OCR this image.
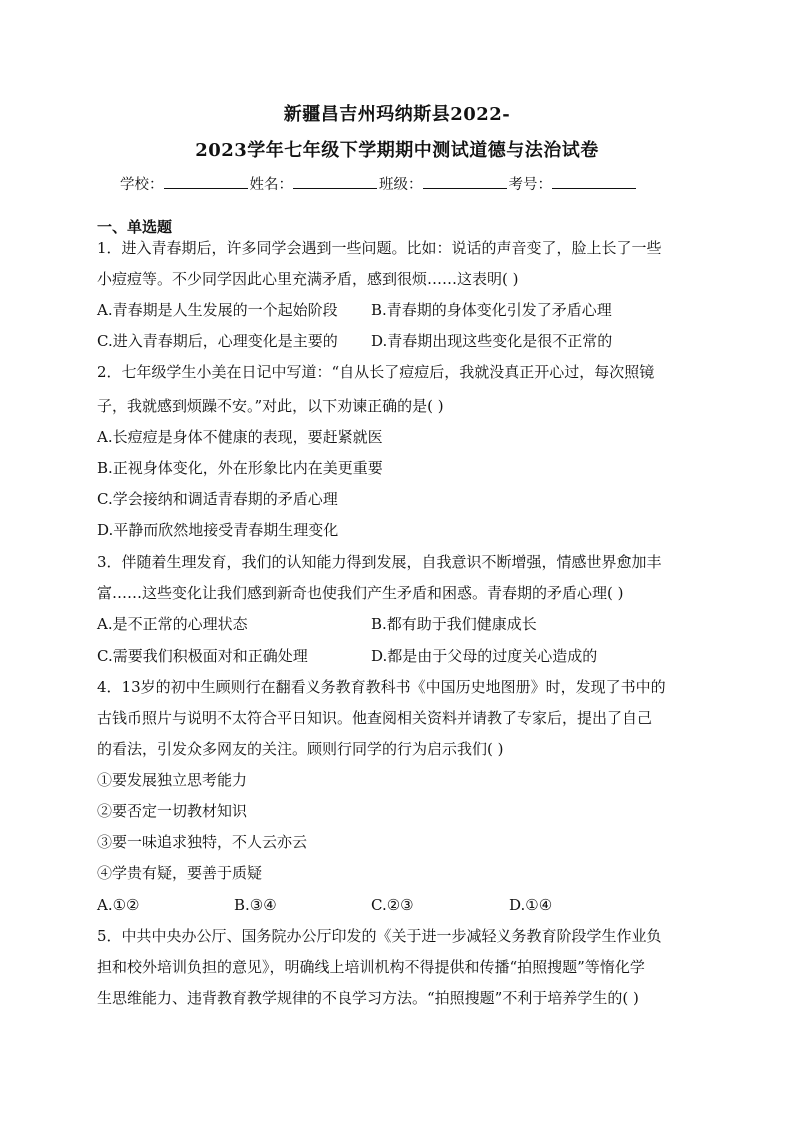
新疆昌吉州玛纳斯县2022-
2023学年七年级下学期期中测试道德与法治试卷
学校：	姓名：	班级：	考号：
一、单选题
1．进入青春期后，许多同学会遇到一些问题。比如：说话的声音变了，脸上长了一些
小痘痘等。不少同学因此心里充满矛盾，感到很烦……这表明( )
A.青春期是人生发展的一个起始阶段 B.青春期的身体变化引发了矛盾心理
C.进入青春期后，心理变化是主要的 D.青春期出现这些变化是很不正常的
2．七年级学生小美在日记中写道：“自从长了痘痘后，我就没真正开心过，每次照镜
子，我就感到烦躁不安。”对此，以下劝谏正确的是( )
A.长痘痘是身体不健康的表现，要赶紧就医
B.正视身体变化，外在形象比内在美更重要
C.学会接纳和调适青春期的矛盾心理
D.平静而欣然地接受青春期生理变化
3．伴随着生理发育，我们的认知能力得到发展，自我意识不断增强，情感世界愈加丰
富……这些变化让我们感到新奇也使我们产生矛盾和困惑。青春期的矛盾心理( )
A.是不正常的心理状态	B.都有助于我们健康成长
C.需要我们积极面对和正确处理	D.都是由于父母的过度关心造成的
4．13岁的初中生顾则行在翻看义务教育教科书《中国历史地图册》时，发现了书中的
古钱币照片与说明不太符合平日知识。他查阅相关资料并请教了专家后，提出了自己
的看法，引发众多网友的关注。顾则行同学的行为启示我们( )
①要发展独立思考能力
②要否定一切教材知识
③要一味追求独特，不人云亦云
④学贵有疑，要善于质疑
A.①②	B.③④	C.②③	D.①④
5．中共中央办公厅、国务院办公厅印发的《关于进一步减轻义务教育阶段学生作业负
担和校外培训负担的意见》，明确线上培训机构不得提供和传播“拍照搜题”等惰化学
生思维能力、违背教育教学规律的不良学习方法。“拍照搜题”不利于培养学生的( )
